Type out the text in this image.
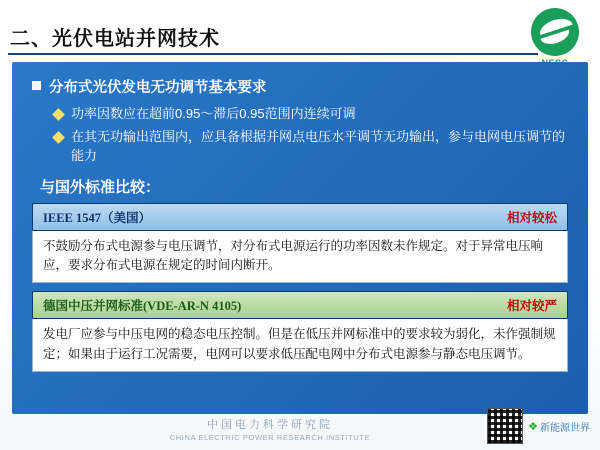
二、光伏电站并网技术
分布式光伏发电无功调节基本要求
功率因数应在超前0.95～滞后0.95范围内连续可调
在其无功输出范围内，应具备根据并网点电压水平调节无功输出，参与电网电压调节的能力
与国外标准比较：
IEEE 1547（美国）	相对较松
不鼓励分布式电源参与电压调节，对分布式电源运行的功率因数未作规定。对于异常电压响应，要求分布式电源在规定的时间内断开。
德国中压并网标准(VDE-AR-N 4105)	相对较严
发电厂应参与中压电网的稳态电压控制。但是在低压并网标准中的要求较为弱化，未作强制规定；如果由于运行工况需要，电网可以要求低压配电网中分布式电源参与静态电压调节。
中国电力科学研究院
CHINA ELECTRIC POWER RESEARCH INSTITUTE
❖ 新能源世界
